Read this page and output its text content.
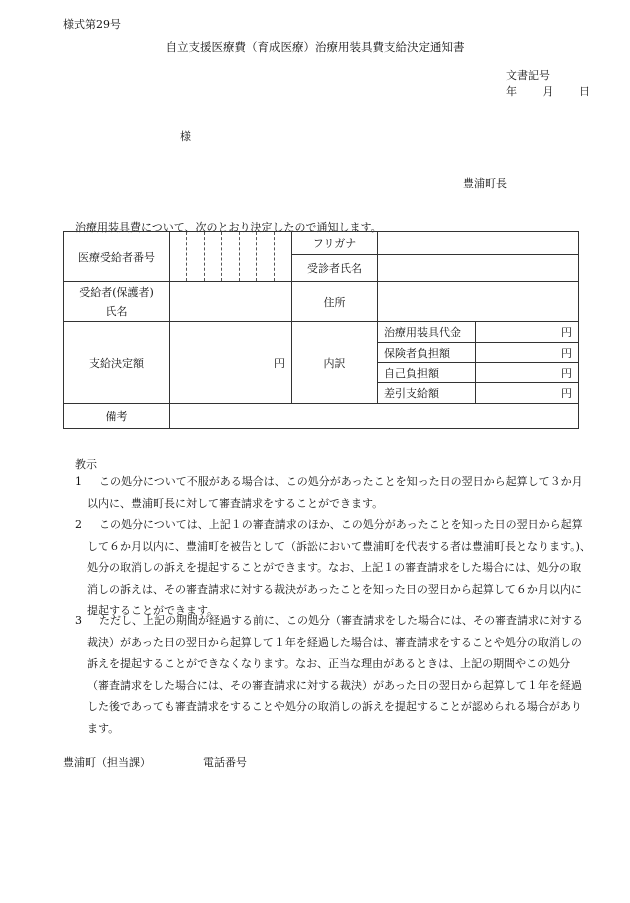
様式第29号
自立支援医療費（育成医療）治療用装具費支給決定通知書
文書記号
年 月 日
様
豊浦町長
治療用装具費について、次のとおり決定したので通知します。
医療受給者番号		フリガナ		
		受診者氏名		

受給者(保護者)
氏名		住所		
支給決定額	円	内訳	治療用装具代金	円
			保険者負担額	円
			自己負担額	円
			差引支給額	円
備考				
教示
1	この処分について不服がある場合は、この処分があったことを知った日の翌日から起算して３か月以内に、豊浦町長に対して審査請求をすることができます。
2	この処分については、上記１の審査請求のほか、この処分があったことを知った日の翌日から起算して６か月以内に、豊浦町を被告として（訴訟において豊浦町を代表する者は豊浦町長となります。)、処分の取消しの訴えを提起することができます。なお、上記１の審査請求をした場合には、処分の取消しの訴えは、その審査請求に対する裁決があったことを知った日の翌日から起算して６か月以内に提起することができます。
3	ただし、上記の期間が経過する前に、この処分（審査請求をした場合には、その審査請求に対する裁決）があった日の翌日から起算して１年を経過した場合は、審査請求をすることや処分の取消しの訴えを提起することができなくなります。なお、正当な理由があるときは、上記の期間やこの処分（審査請求をした場合には、その審査請求に対する裁決）があった日の翌日から起算して１年を経過した後であっても審査請求をすることや処分の取消しの訴えを提起することが認められる場合があります。
豊浦町（担当課）	電話番号
